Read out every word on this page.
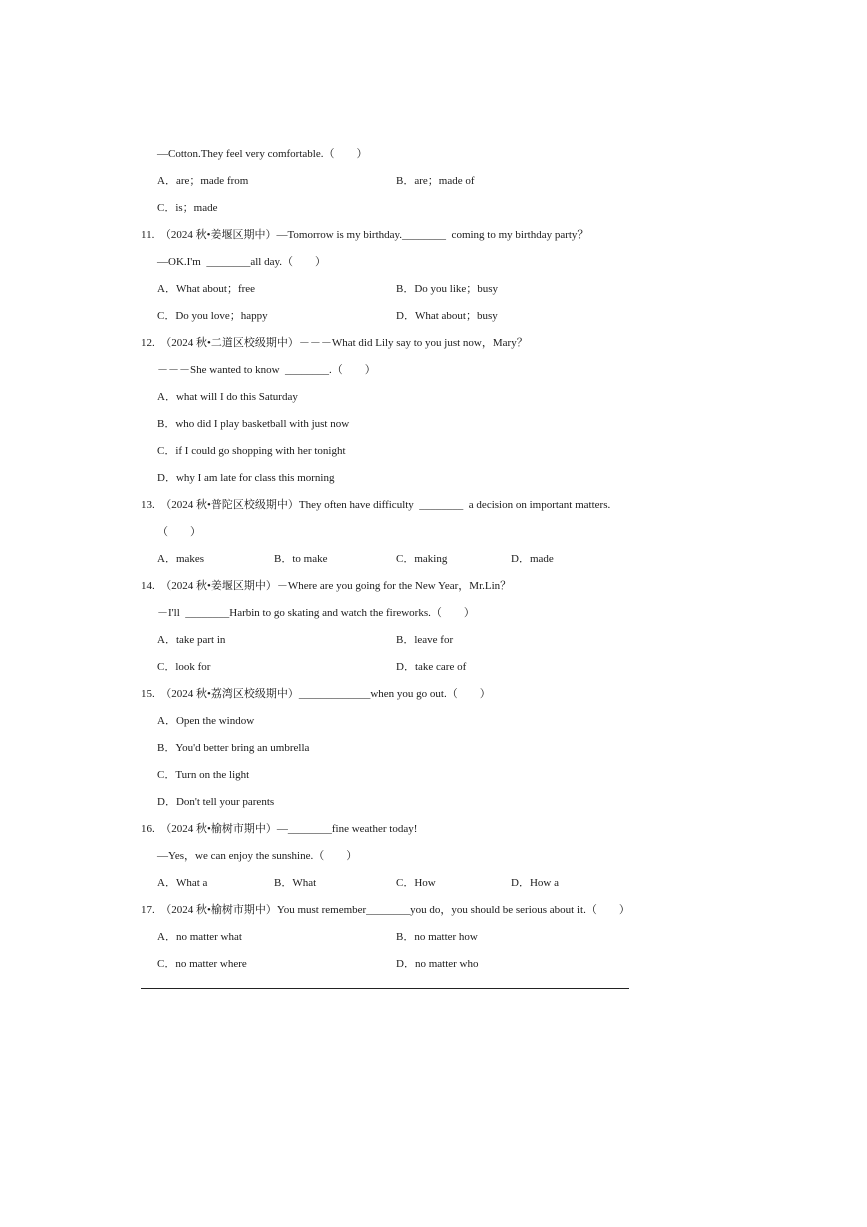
—Cotton.They feel very comfortable.（　　）
A．are；made from	B．are；made of
C．is；made
11.　（2024 秋•姜堰区期中）—Tomorrow is my birthday.________  coming to my birthday party？
—OK.I'm  ________all day.（　　）
A．What about；free	B．Do you like；busy
C．Do you love；happy	D．What about；busy
12.　（2024 秋•二道区校级期中）－－－What did Lily say to you just now，Mary？
－－－She wanted to know  ________.（　　）
A．what will I do this Saturday
B．who did I play basketball with just now
C．if I could go shopping with her tonight
D．why I am late for class this morning
13.　（2024 秋•普陀区校级期中）They often have difficulty  ________  a decision on important matters.
（　　）
A．makes	B．to make	C．making	D．made
14.　（2024 秋•姜堰区期中）－Where are you going for the New Year，Mr.Lin？
－I'll  ________Harbin to go skating and watch the fireworks.（　　）
A．take part in	B．leave for
C．look for	D．take care of
15.　（2024 秋•荔湾区校级期中）_____________when you go out.（　　）
A．Open the window
B．You'd better bring an umbrella
C．Turn on the light
D．Don't tell your parents
16.　（2024 秋•榆树市期中）—________fine weather today!
—Yes，we can enjoy the sunshine.（　　）
A．What a	B．What	C．How	D．How a
17.　（2024 秋•榆树市期中）You must remember________you do，you should be serious about it.（　　）
A．no matter what	B．no matter how
C．no matter where	D．no matter who
